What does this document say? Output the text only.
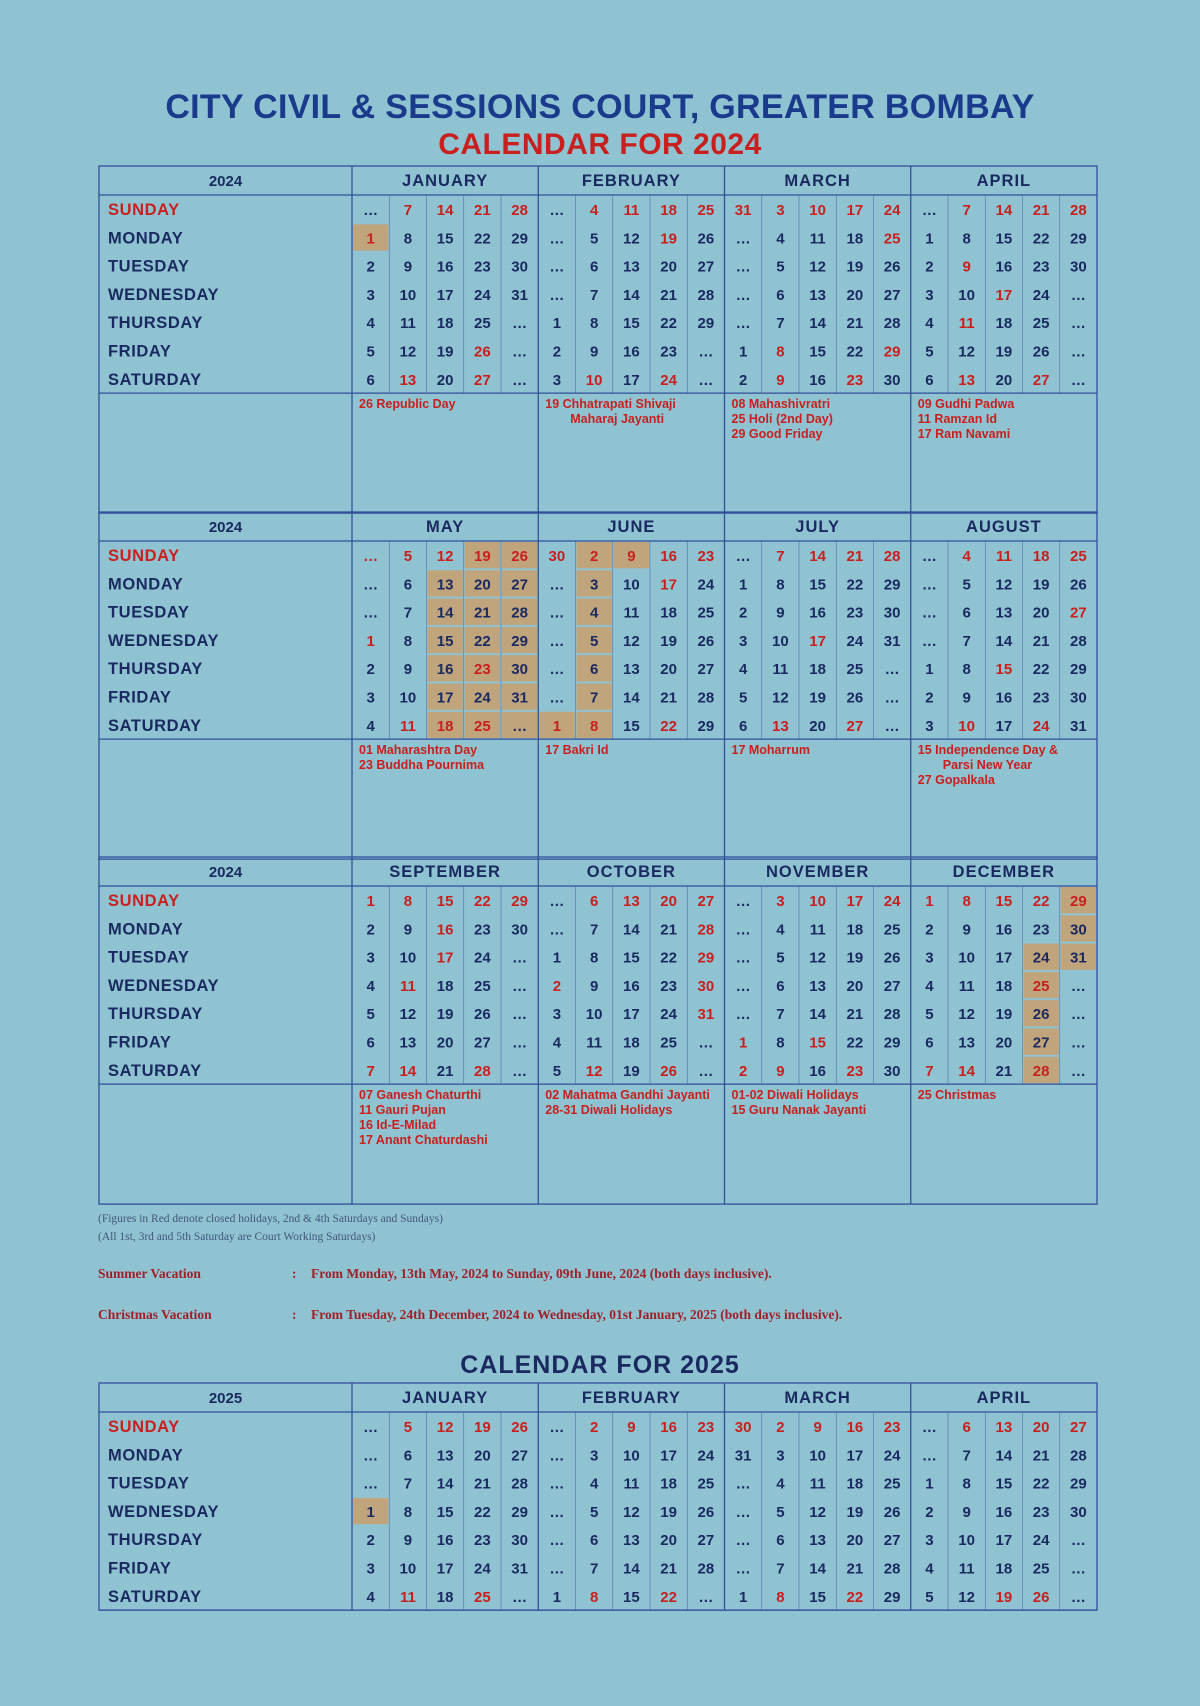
CITY CIVIL & SESSIONS COURT, GREATER BOMBAY
CALENDAR FOR 2024
2024
SUNDAY
MONDAY
TUESDAY
WEDNESDAY
THURSDAY
FRIDAY
SATURDAY
JANUARY
…
1
2
3
4
5
6
7
8
9
10
11
12
13
14
15
16
17
18
19
20
21
22
23
24
25
26
27
28
29
30
31
…
…
…
26 Republic Day
FEBRUARY
…
…
…
…
1
2
3
4
5
6
7
8
9
10
11
12
13
14
15
16
17
18
19
20
21
22
23
24
25
26
27
28
29
…
…
19 Chhatrapati Shivaji
Maharaj Jayanti
MARCH
31
…
…
…
…
1
2
3
4
5
6
7
8
9
10
11
12
13
14
15
16
17
18
19
20
21
22
23
24
25
26
27
28
29
30
08 Mahashivratri
25 Holi (2nd Day)
29 Good Friday
APRIL
…
1
2
3
4
5
6
7
8
9
10
11
12
13
14
15
16
17
18
19
20
21
22
23
24
25
26
27
28
29
30
…
…
…
…
09 Gudhi Padwa
11 Ramzan Id
17 Ram Navami
2024
SUNDAY
MONDAY
TUESDAY
WEDNESDAY
THURSDAY
FRIDAY
SATURDAY
MAY
…
…
…
1
2
3
4
5
6
7
8
9
10
11
12
13
14
15
16
17
18
19
20
21
22
23
24
25
26
27
28
29
30
31
…
01 Maharashtra Day
23 Buddha Pournima
JUNE
30
…
…
…
…
…
1
2
3
4
5
6
7
8
9
10
11
12
13
14
15
16
17
18
19
20
21
22
23
24
25
26
27
28
29
17 Bakri Id
JULY
…
1
2
3
4
5
6
7
8
9
10
11
12
13
14
15
16
17
18
19
20
21
22
23
24
25
26
27
28
29
30
31
…
…
…
17 Moharrum
AUGUST
…
…
…
…
1
2
3
4
5
6
7
8
9
10
11
12
13
14
15
16
17
18
19
20
21
22
23
24
25
26
27
28
29
30
31
15 Independence Day &
Parsi New Year
27 Gopalkala
2024
SUNDAY
MONDAY
TUESDAY
WEDNESDAY
THURSDAY
FRIDAY
SATURDAY
SEPTEMBER
1
2
3
4
5
6
7
8
9
10
11
12
13
14
15
16
17
18
19
20
21
22
23
24
25
26
27
28
29
30
…
…
…
…
…
07 Ganesh Chaturthi
11 Gauri Pujan
16 Id-E-Milad
17 Anant Chaturdashi
OCTOBER
…
…
1
2
3
4
5
6
7
8
9
10
11
12
13
14
15
16
17
18
19
20
21
22
23
24
25
26
27
28
29
30
31
…
…
02 Mahatma Gandhi Jayanti
28-31 Diwali Holidays
NOVEMBER
…
…
…
…
…
1
2
3
4
5
6
7
8
9
10
11
12
13
14
15
16
17
18
19
20
21
22
23
24
25
26
27
28
29
30
01-02 Diwali Holidays
15 Guru Nanak Jayanti
DECEMBER
1
2
3
4
5
6
7
8
9
10
11
12
13
14
15
16
17
18
19
20
21
22
23
24
25
26
27
28
29
30
31
…
…
…
…
25 Christmas
(Figures in Red denote closed holidays, 2nd & 4th Saturdays and Sundays)
(All 1st, 3rd and 5th Saturday are Court Working Saturdays)
Summer Vacation	: From Monday, 13th May, 2024 to Sunday, 09th June, 2024 (both days inclusive).
Christmas Vacation	: From Tuesday, 24th December, 2024 to Wednesday, 01st January, 2025 (both days inclusive).
CALENDAR FOR 2025
2025
SUNDAY
MONDAY
TUESDAY
WEDNESDAY
THURSDAY
FRIDAY
SATURDAY
JANUARY
…
…
…
1
2
3
4
5
6
7
8
9
10
11
12
13
14
15
16
17
18
19
20
21
22
23
24
25
26
27
28
29
30
31
…
FEBRUARY
…
…
…
…
…
…
1
2
3
4
5
6
7
8
9
10
11
12
13
14
15
16
17
18
19
20
21
22
23
24
25
26
27
28
…
MARCH
30
31
…
…
…
…
1
2
3
4
5
6
7
8
9
10
11
12
13
14
15
16
17
18
19
20
21
22
23
24
25
26
27
28
29
APRIL
…
…
1
2
3
4
5
6
7
8
9
10
11
12
13
14
15
16
17
18
19
20
21
22
23
24
25
26
27
28
29
30
…
…
…
